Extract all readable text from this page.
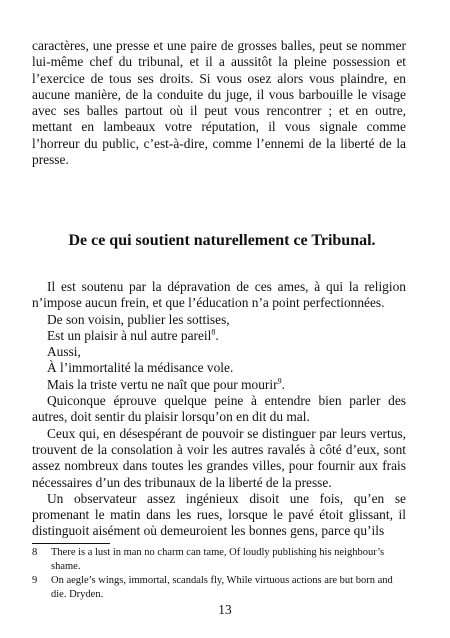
caractères, une presse et une paire de grosses balles, peut se nommer lui-même chef du tribunal, et il a aussitôt la pleine possession et l’exercice de tous ses droits. Si vous osez alors vous plaindre, en aucune manière, de la conduite du juge, il vous barbouille le visage avec ses balles partout où il peut vous rencontrer ; et en outre, mettant en lambeaux votre réputation, il vous signale comme l’horreur du public, c’est-à-dire, comme l’ennemi de la liberté de la presse.

De ce qui soutient naturellement ce Tribunal.

Il est soutenu par la dépravation de ces ames, à qui la religion n’impose aucun frein, et que l’éducation n’a point perfectionnées.

De son voisin, publier les sottises,

Est un plaisir à nul autre pareil$^8$.

Aussi,

À l’immortalité la médisance vole.

Mais la triste vertu ne naît que pour mourir$^9$.

Quiconque éprouve quelque peine à entendre bien parler des autres, doit sentir du plaisir lorsqu’on en dit du mal.

Ceux qui, en désespérant de pouvoir se distinguer par leurs vertus, trouvent de la consolation à voir les autres ravalés à côté d’eux, sont assez nombreux dans toutes les grandes villes, pour fournir aux frais nécessaires d’un des tribunaux de la liberté de la presse.

Un observateur assez ingénieux disoit une fois, qu’en se promenant le matin dans les rues, lorsque le pavé étoit glissant, il distinguoit aisément où demeuroient les bonnes gens, parce qu’ils

8	There is a lust in man no charm can tame, Of loudly publishing his neighbour’s shame.
9	On aegle’s wings, immortal, scandals fly, While virtuous actions are but born and die. Dryden.
13
